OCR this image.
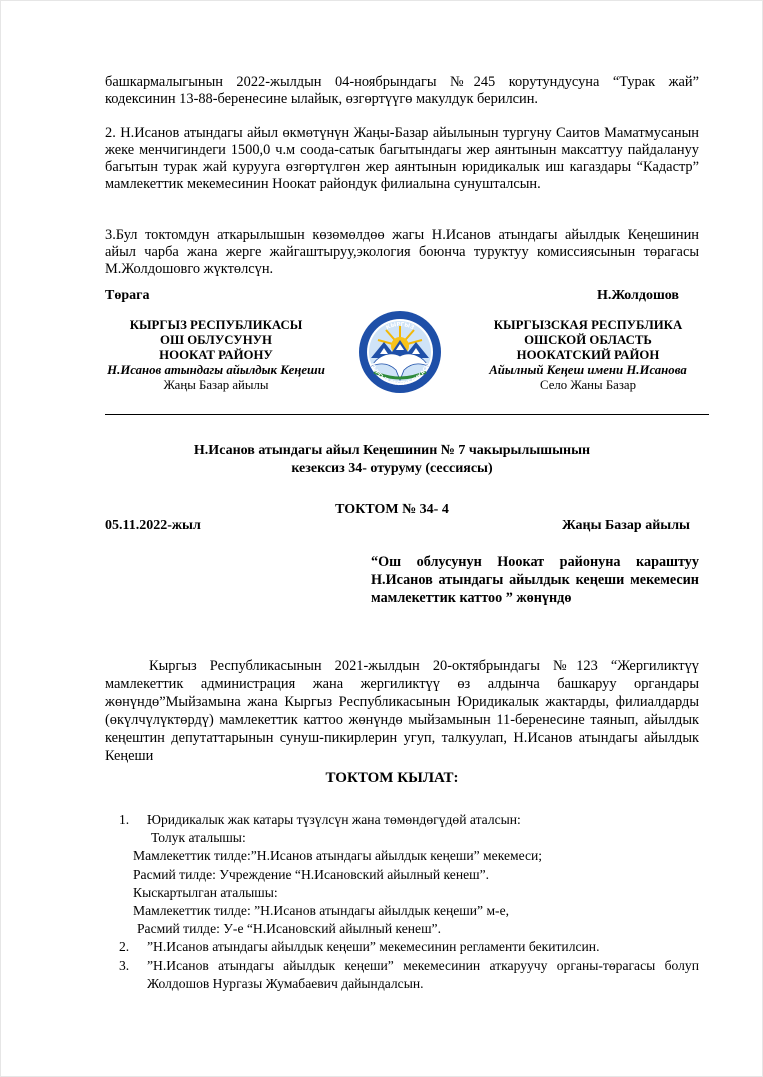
башкармалыгынын 2022-жылдын 04-ноябрындагы №245 корутундусуна “Турак жай” кодексинин 13-88-беренесине ылайык, өзгөртүүгө макулдук берилсин.

2. Н.Исанов атындагы айыл өкмөтүнүн Жаңы-Базар айылынын тургуну Саитов Маматмусанын жеке менчигиндеги 1500,0 ч.м соода-сатык багытындагы жер аянтынын максаттуу пайдалануу багытын турак жай курууга өзгөртүлгөн жер аянтынын юридикалык иш кагаздары “Кадастр” мамлекеттик мекемесинин Ноокат райондук филиалына сунушталсын.

3.Бул токтомдун аткарылышын көзөмөлдөө жагы Н.Исанов атындагы айылдык Кеңешинин айыл чарба жана жерге жайгаштыруу,экология боюнча туруктуу комиссиясынын төрагасы М.Жолдошовго жүктөлсүн.

Төрага	Н.Жолдошов
КЫРГЫЗ РЕСПУБЛИКАСЫ
ОШ ОБЛУСУНУН
НООКАТ РАЙОНУ
Н.Исанов атындагы айылдык Кеңеши
Жаңы Базар айылы
КЫРГЫЗ
КЫРГЫЗ РЕСПУБЛИКАСЫ
КЫРГЫЗСКАЯ РЕСПУБЛИКА
ОШСКОЙ ОБЛАСТЬ
НООКАТСКИЙ РАЙОН
Айылный Кеӊеш имени Н.Исанова
Село Жаны Базар
Н.Исанов атындагы айыл Кеңешинин № 7 чакырылышынын
кезексиз 34- отуруму (сессиясы)
ТОКТОМ № 34- 4
05.11.2022-жыл	Жаңы Базар айылы
“Ош облусунун Ноокат районуна караштуу Н.Исанов атындагы айылдык кеңеши мекемесин мамлекеттик каттоо ” жөнүндө

Кыргыз Республикасынын 2021-жылдын 20-октябрындагы №123 “Жергиликтүү мамлекеттик администрация жана жергиликтүү өз алдынча башкаруу органдары жөнүндө”Мыйзамына жана Кыргыз Республикасынын Юридикалык жактарды, филиалдарды (өкүлчүлүктөрдү) мамлекеттик каттоо жөнүндө мыйзамынын 11-беренесине таянып, айылдык кеңештин депутаттарынын сунуш-пикирлерин угуп, талкуулап, Н.Исанов атындагы айылдык Кеңеши

ТОКТОМ КЫЛАТ:
1. Юридикалык жак катары түзүлсүн жана төмөндөгүдөй аталсын:
Толук аталышы:
Мамлекеттик тилде:”Н.Исанов атындагы айылдык кеңеши” мекемеси;
Расмий тилде: Учреждение “Н.Исановский айылный кенеш”.
Кыскартылган аталышы:
Мамлекеттик тилде: ”Н.Исанов атындагы айылдык кеңеши” м-е,
Расмий тилде: У-е “Н.Исановский айылный кенеш”.
2. ”Н.Исанов атындагы айылдык кеңеши” мекемесинин регламенти бекитилсин.
3. ”Н.Исанов атындагы айылдык кеңеши” мекемесинин аткаруучу органы-төрагасы болуп Жолдошов Нургазы Жумабаевич дайындалсын.
